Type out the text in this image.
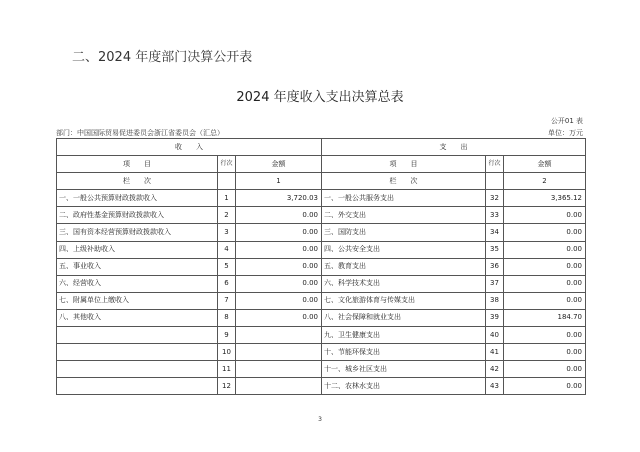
二、2024 年度部门决算公开表
2024 年度收入支出决算总表
公开01 表
部门：中国国际贸易促进委员会浙江省委员会（汇总）	单位：万元
收　　入			支　　出		
项　　目	行次	金额	项　　目	行次	金额
栏　　次		1	栏　　次		2
一、一般公共预算财政拨款收入	1	3,720.03	一、一般公共服务支出	32	3,365.12
二、政府性基金预算财政拨款收入	2	0.00	二、外交支出	33	0.00
三、国有资本经营预算财政拨款收入	3	0.00	三、国防支出	34	0.00
四、上级补助收入	4	0.00	四、公共安全支出	35	0.00
五、事业收入	5	0.00	五、教育支出	36	0.00
六、经营收入	6	0.00	六、科学技术支出	37	0.00
七、附属单位上缴收入	7	0.00	七、文化旅游体育与传媒支出	38	0.00
八、其他收入	8	0.00	八、社会保障和就业支出	39	184.70
	9		九、卫生健康支出	40	0.00
	10		十、节能环保支出	41	0.00
	11		十一、城乡社区支出	42	0.00
	12		十二、农林水支出	43	0.00
3
